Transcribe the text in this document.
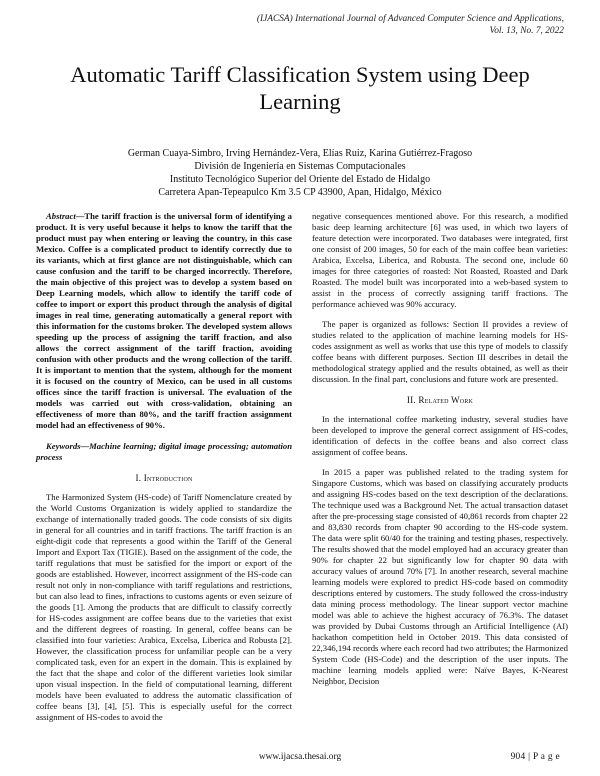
(IJACSA) International Journal of Advanced Computer Science and Applications,
Vol. 13, No. 7, 2022
Automatic Tariff Classification System using Deep
Learning
German Cuaya-Simbro, Irving Hernández-Vera, Elías Ruiz, Karina Gutiérrez-Fragoso
División de Ingeniería en Sistemas Computacionales
Instituto Tecnológico Superior del Oriente del Estado de Hidalgo
Carretera Apan-Tepeapulco Km 3.5 CP 43900, Apan, Hidalgo, México

Abstract—The tariff fraction is the universal form of identifying a product. It is very useful because it helps to know the tariff that the product must pay when entering or leaving the country, in this case Mexico. Coffee is a complicated product to identify correctly due to its variants, which at first glance are not distinguishable, which can cause confusion and the tariff to be charged incorrectly. Therefore, the main objective of this project was to develop a system based on Deep Learning models, which allow to identify the tariff code of coffee to import or export this product through the analysis of digital images in real time, generating automatically a general report with this information for the customs broker. The developed system allows speeding up the process of assigning the tariff fraction, and also allows the correct assignment of the tariff fraction, avoiding confusion with other products and the wrong collection of the tariff. It is important to mention that the system, although for the moment it is focused on the country of Mexico, can be used in all customs offices since the tariff fraction is universal. The evaluation of the models was carried out with cross-validation, obtaining an effectiveness of more than 80%, and the tariff fraction assignment model had an effectiveness of 90%.

Keywords—Machine learning; digital image processing; automation process

I. Introduction

The Harmonized System (HS-code) of Tariff Nomenclature created by the World Customs Organization is widely applied to standardize the exchange of internationally traded goods. The code consists of six digits in general for all countries and in tariff fractions. The tariff fraction is an eight-digit code that represents a good within the Tariff of the General Import and Export Tax (TIGIE). Based on the assignment of the code, the tariff regulations that must be satisfied for the import or export of the goods are established. However, incorrect assignment of the HS-code can result not only in non-compliance with tariff regulations and restrictions, but can also lead to fines, infractions to customs agents or even seizure of the goods [1]. Among the products that are difficult to classify correctly for HS-codes assignment are coffee beans due to the varieties that exist and the different degrees of roasting. In general, coffee beans can be classified into four varieties: Arabica, Excelsa, Liberica and Robusta [2]. However, the classification process for unfamiliar people can be a very complicated task, even for an expert in the domain. This is explained by the fact that the shape and color of the different varieties look similar upon visual inspection. In the field of computational learning, different models have been evaluated to address the automatic classification of coffee beans [3], [4], [5]. This is especially useful for the correct assignment of HS-codes to avoid the

negative consequences mentioned above. For this research, a modified basic deep learning architecture [6] was used, in which two layers of feature detection were incorporated. Two databases were integrated, first one consist of 200 images, 50 for each of the main coffee bean varieties: Arabica, Excelsa, Liberica, and Robusta. The second one, include 60 images for three categories of roasted: Not Roasted, Roasted and Dark Roasted. The model built was incorporated into a web-based system to assist in the process of correctly assigning tariff fractions. The performance achieved was 90% accuracy.

The paper is organized as follows: Section II provides a review of studies related to the application of machine learning models for HS-codes assignment as well as works that use this type of models to classify coffee beans with different purposes. Section III describes in detail the methodological strategy applied and the results obtained, as well as their discussion. In the final part, conclusions and future work are presented.

II. Related Work

In the international coffee marketing industry, several studies have been developed to improve the general correct assignment of HS-codes, identification of defects in the coffee beans and also correct class assignment of coffee beans.

In 2015 a paper was published related to the trading system for Singapore Customs, which was based on classifying accurately products and assigning HS-codes based on the text description of the declarations. The technique used was a Background Net. The actual transaction dataset after the pre-processing stage consisted of 40,861 records from chapter 22 and 83,830 records from chapter 90 according to the HS-code system. The data were split 60/40 for the training and testing phases, respectively. The results showed that the model employed had an accuracy greater than 90% for chapter 22 but significantly low for chapter 90 data with accuracy values of around 70% [7]. In another research, several machine learning models were explored to predict HS-code based on commodity descriptions entered by customers. The study followed the cross-industry data mining process methodology. The linear support vector machine model was able to achieve the highest accuracy of 76.3%. The dataset was provided by Dubai Customs through an Artificial Intelligence (AI) hackathon competition held in October 2019. This data consisted of 22,346,194 records where each record had two attributes; the Harmonized System Code (HS-Code) and the description of the user inputs. The machine learning models applied were: Naïve Bayes, K-Nearest Neighbor, Decision

www.ijacsa.thesai.org	904 | P a g e
